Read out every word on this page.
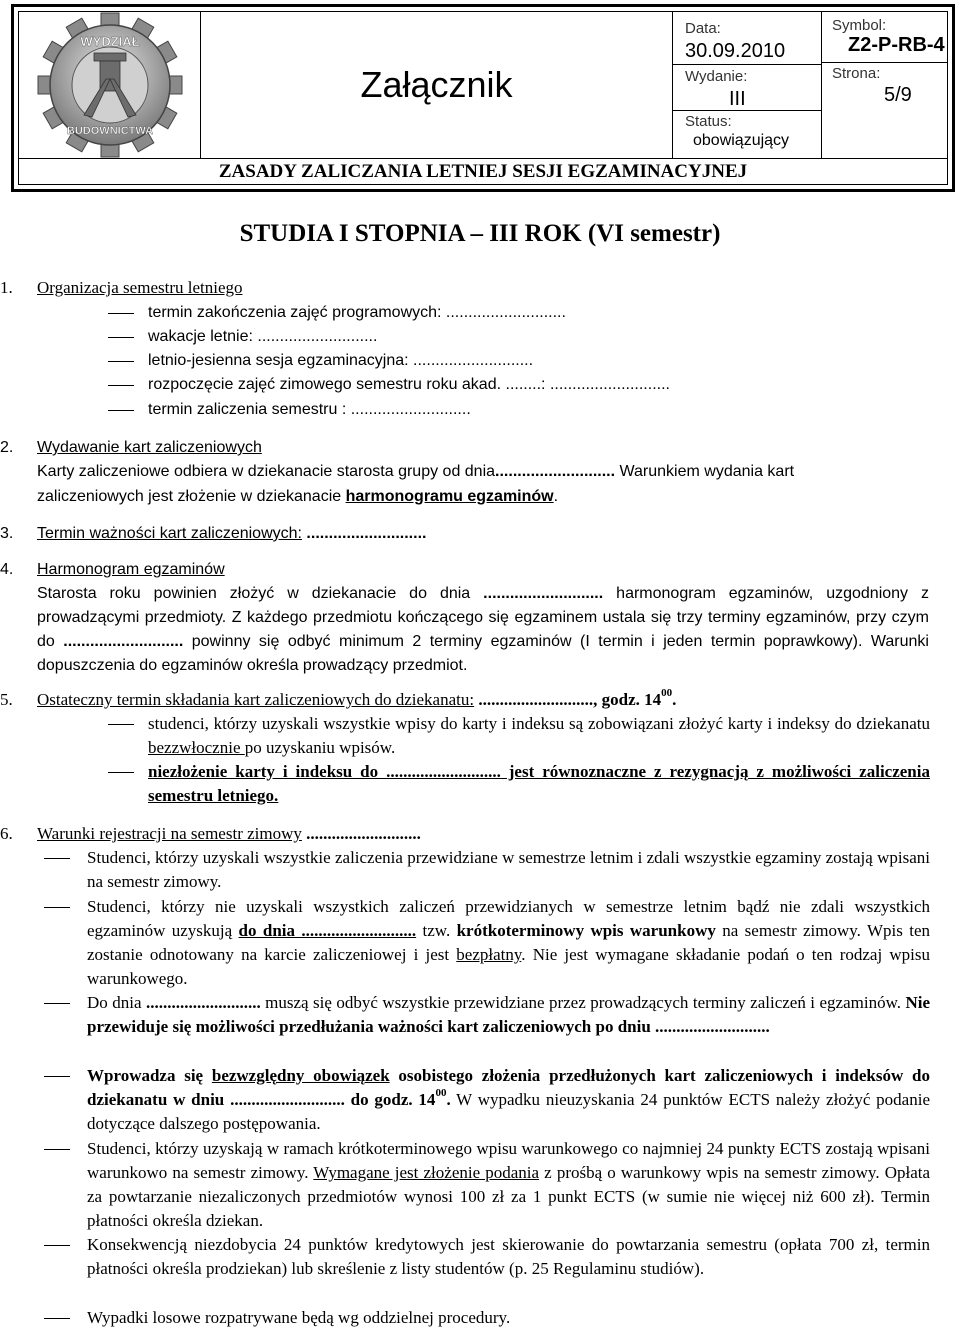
WYDZIAŁ
BUDOWNICTWA
Załącznik
Data:
30.09.2010
Wydanie:
III
Status:
obowiązujący
Symbol:
Z2-P-RB-4
Strona:
5/9
ZASADY ZALICZANIA LETNIEJ SESJI EGZAMINACYJNEJ
STUDIA I STOPNIA – III ROK (VI semestr)
1. Organizacja semestru letniego
termin zakończenia zajęć programowych: ...........................
wakacje letnie: ...........................
letnio-jesienna sesja egzaminacyjna: ...........................
rozpoczęcie zajęć zimowego semestru roku akad. ........: ...........................
termin zaliczenia semestru : ...........................
2. Wydawanie kart zaliczeniowych
Karty zaliczeniowe odbiera w dziekanacie starosta grupy od dnia........................... Warunkiem wydania kart
zaliczeniowych jest złożenie w dziekanacie harmonogramu egzaminów.
3. Termin ważności kart zaliczeniowych: ...........................
4. Harmonogram egzaminów
Starosta roku powinien złożyć w dziekanacie do dnia ........................... harmonogram egzaminów, uzgodniony z prowadzącymi przedmioty. Z każdego przedmiotu kończącego się egzaminem ustala się trzy terminy egzaminów, przy czym do ........................... powinny się odbyć minimum 2 terminy egzaminów (I termin i jeden termin poprawkowy). Warunki dopuszczenia do egzaminów określa prowadzący przedmiot.
5. Ostateczny termin składania kart zaliczeniowych do dziekanatu: ..........................., godz. $14^{00}$.
studenci, którzy uzyskali wszystkie wpisy do karty i indeksu są zobowiązani złożyć karty i indeksy do dziekanatu bezzwłocznie po uzyskaniu wpisów.
niezłożenie karty i indeksu do ........................... jest równoznaczne z rezygnacją z możliwości zaliczenia semestru letniego.
6. Warunki rejestracji na semestr zimowy ...........................
Studenci, którzy uzyskali wszystkie zaliczenia przewidziane w semestrze letnim i zdali wszystkie egzaminy zostają wpisani na semestr zimowy.
Studenci, którzy nie uzyskali wszystkich zaliczeń przewidzianych w semestrze letnim bądź nie zdali wszystkich egzaminów uzyskują do dnia ........................... tzw. krótkoterminowy wpis warunkowy na semestr zimowy. Wpis ten zostanie odnotowany na karcie zaliczeniowej i jest bezpłatny. Nie jest wymagane składanie podań o ten rodzaj wpisu warunkowego.
Do dnia ........................... muszą się odbyć wszystkie przewidziane przez prowadzących terminy zaliczeń i egzaminów. Nie przewiduje się możliwości przedłużania ważności kart zaliczeniowych po dniu ...........................
Wprowadza się bezwzględny obowiązek osobistego złożenia przedłużonych kart zaliczeniowych i indeksów do dziekanatu w dniu ........................... do godz. $14^{00}$. W wypadku nieuzyskania 24 punktów ECTS należy złożyć podanie dotyczące dalszego postępowania.
Studenci, którzy uzyskają w ramach krótkoterminowego wpisu warunkowego co najmniej 24 punkty ECTS zostają wpisani warunkowo na semestr zimowy. Wymagane jest złożenie podania z prośbą o warunkowy wpis na semestr zimowy. Opłata za powtarzanie niezaliczonych przedmiotów wynosi 100 zł za 1 punkt ECTS (w sumie nie więcej niż 600 zł). Termin płatności określa dziekan.
Konsekwencją niezdobycia 24 punktów kredytowych jest skierowanie do powtarzania semestru (opłata 700 zł, termin płatności określa prodziekan) lub skreślenie z listy studentów (p. 25 Regulaminu studiów).
Wypadki losowe rozpatrywane będą wg oddzielnej procedury.
